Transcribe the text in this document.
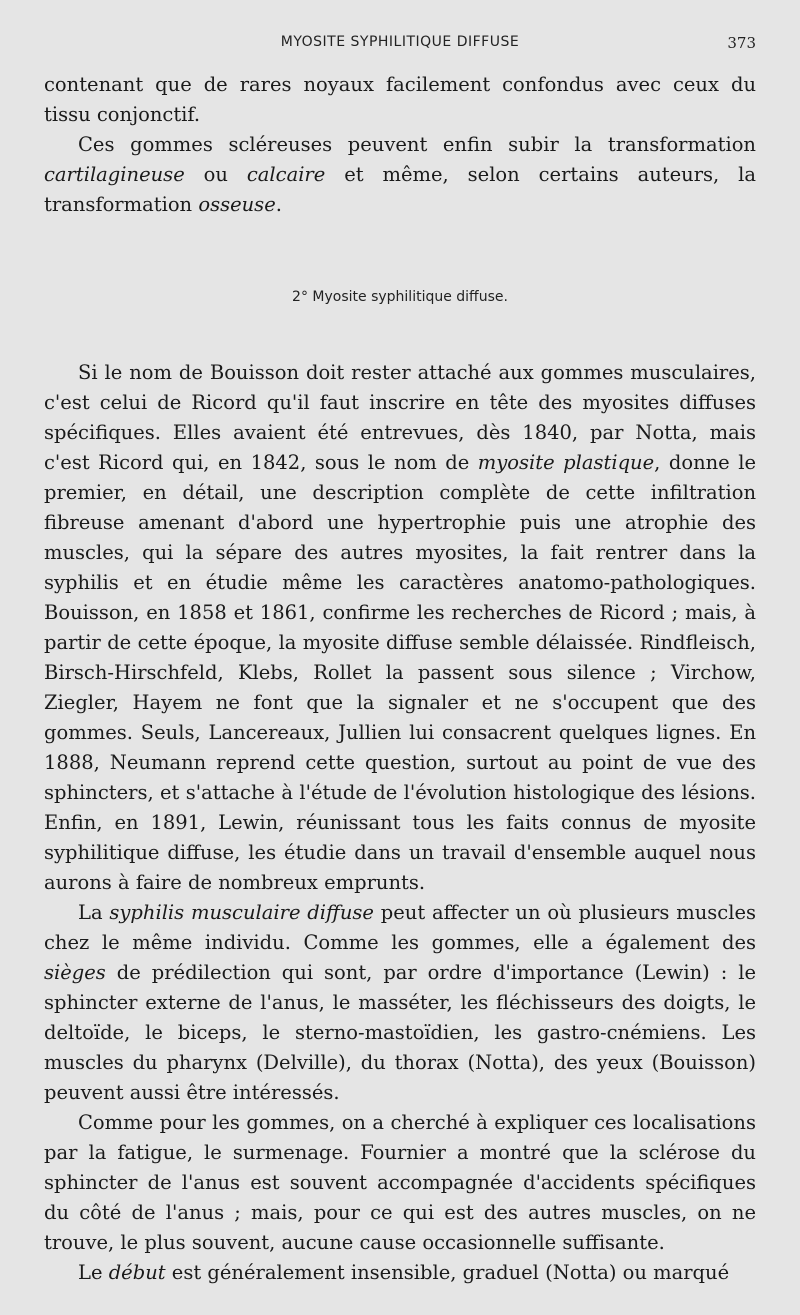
MYOSITE SYPHILITIQUE DIFFUSE	373

contenant que de rares noyaux facilement confondus avec ceux du tissu conjonctif.

Ces gommes scléreuses peuvent enfin subir la transformation cartilagineuse ou calcaire et même, selon certains auteurs, la transformation osseuse.

2° Myosite syphilitique diffuse.

Si le nom de Bouisson doit rester attaché aux gommes musculaires, c'est celui de Ricord qu'il faut inscrire en tête des myosites diffuses spécifiques. Elles avaient été entrevues, dès 1840, par Notta, mais c'est Ricord qui, en 1842, sous le nom de myosite plastique, donne le premier, en détail, une description complète de cette infiltration fibreuse amenant d'abord une hypertrophie puis une atrophie des muscles, qui la sépare des autres myosites, la fait rentrer dans la syphilis et en étudie même les caractères anatomo-pathologiques. Bouisson, en 1858 et 1861, confirme les recherches de Ricord ; mais, à partir de cette époque, la myosite diffuse semble délaissée. Rindfleisch, Birsch-Hirschfeld, Klebs, Rollet la passent sous silence ; Virchow, Ziegler, Hayem ne font que la signaler et ne s'occupent que des gommes. Seuls, Lancereaux, Jullien lui consacrent quelques lignes. En 1888, Neumann reprend cette question, surtout au point de vue des sphincters, et s'attache à l'étude de l'évolution histologique des lésions. Enfin, en 1891, Lewin, réunissant tous les faits connus de myosite syphilitique diffuse, les étudie dans un travail d'ensemble auquel nous aurons à faire de nombreux emprunts.

La syphilis musculaire diffuse peut affecter un où plusieurs muscles chez le même individu. Comme les gommes, elle a également des sièges de prédilection qui sont, par ordre d'importance (Lewin) : le sphincter externe de l'anus, le masséter, les fléchisseurs des doigts, le deltoïde, le biceps, le sterno-mastoïdien, les gastro-cnémiens. Les muscles du pharynx (Delville), du thorax (Notta), des yeux (Bouisson) peuvent aussi être intéressés.

Comme pour les gommes, on a cherché à expliquer ces localisations par la fatigue, le surmenage. Fournier a montré que la sclérose du sphincter de l'anus est souvent accompagnée d'accidents spécifiques du côté de l'anus ; mais, pour ce qui est des autres muscles, on ne trouve, le plus souvent, aucune cause occasionnelle suffisante.

Le début est généralement insensible, graduel (Notta) ou marqué
